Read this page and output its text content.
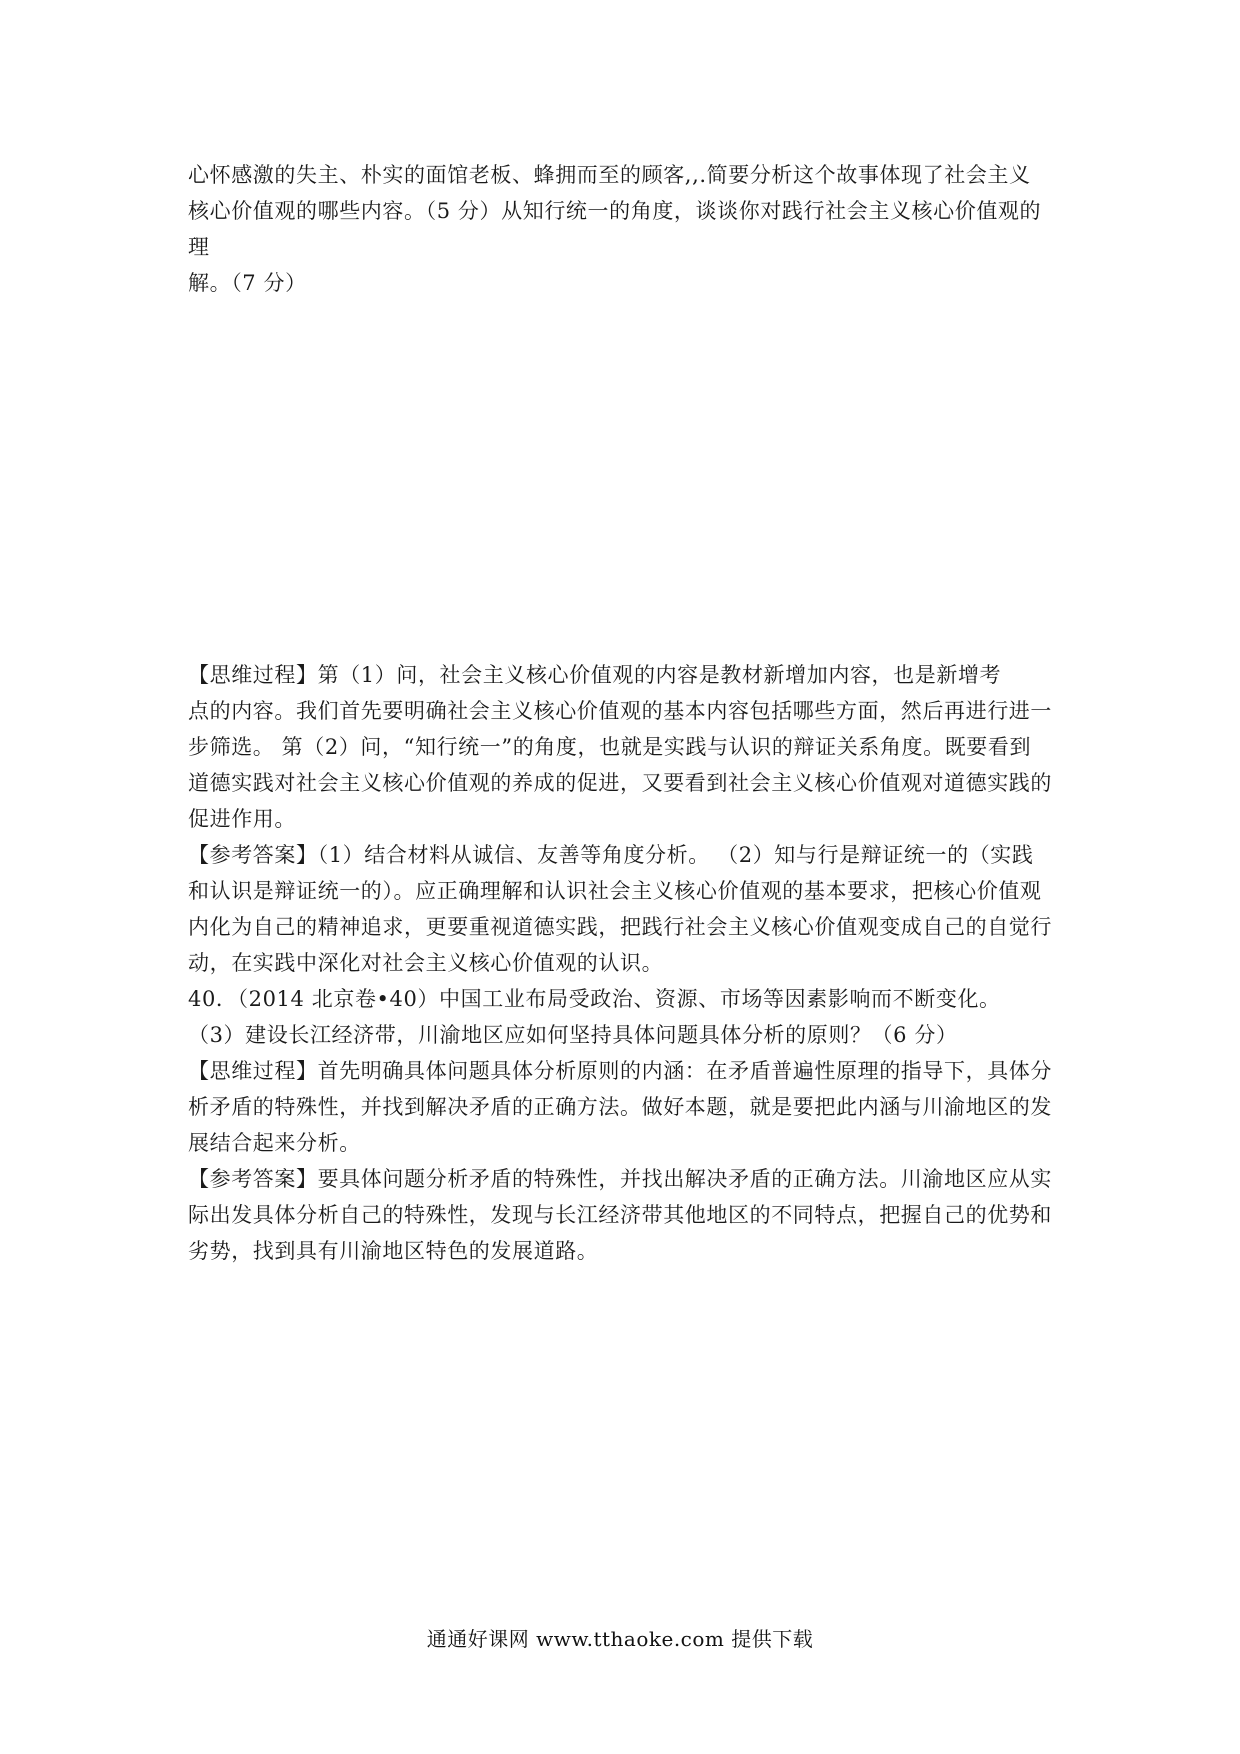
心怀感激的失主、朴实的面馆老板、蜂拥而至的顾客,,.简要分析这个故事体现了社会主义
核心价值观的哪些内容。（5 分）从知行统一的角度，谈谈你对践行社会主义核心价值观的
理
解。（7 分）
【思维过程】第（1）问，社会主义核心价值观的内容是教材新增加内容，也是新增考
点的内容。我们首先要明确社会主义核心价值观的基本内容包括哪些方面，然后再进行进一
步筛选。 第（2）问，“知行统一”的角度，也就是实践与认识的辩证关系角度。既要看到
道德实践对社会主义核心价值观的养成的促进，又要看到社会主义核心价值观对道德实践的
促进作用。
【参考答案】（1）结合材料从诚信、友善等角度分析。 （2）知与行是辩证统一的（实践
和认识是辩证统一的）。应正确理解和认识社会主义核心价值观的基本要求，把核心价值观
内化为自己的精神追求，更要重视道德实践，把践行社会主义核心价值观变成自己的自觉行
动，在实践中深化对社会主义核心价值观的认识。
40．（2014 北京卷•40）中国工业布局受政治、资源、市场等因素影响而不断变化。
（3）建设长江经济带，川渝地区应如何坚持具体问题具体分析的原则？（6 分）
【思维过程】首先明确具体问题具体分析原则的内涵：在矛盾普遍性原理的指导下，具体分
析矛盾的特殊性，并找到解决矛盾的正确方法。做好本题，就是要把此内涵与川渝地区的发
展结合起来分析。
【参考答案】要具体问题分析矛盾的特殊性，并找出解决矛盾的正确方法。川渝地区应从实
际出发具体分析自己的特殊性，发现与长江经济带其他地区的不同特点，把握自己的优势和
劣势，找到具有川渝地区特色的发展道路。
通通好课网 www.tthaoke.com 提供下载
